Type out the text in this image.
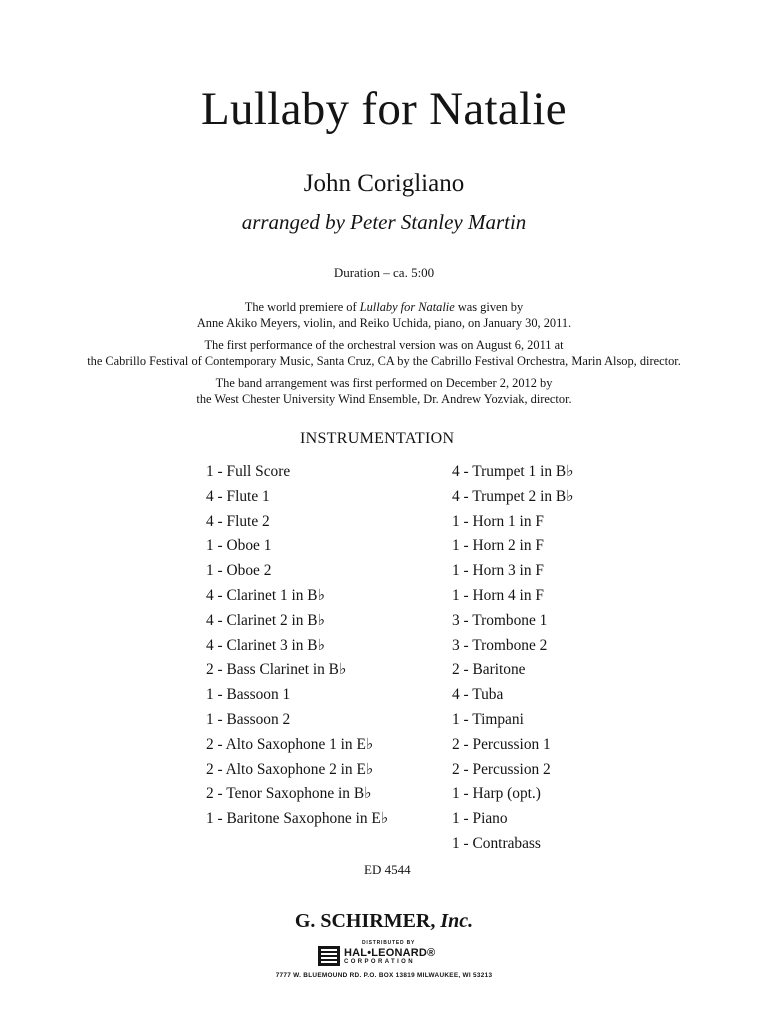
Lullaby for Natalie
John Corigliano
arranged by Peter Stanley Martin
Duration – ca. 5:00

The world premiere of Lullaby for Natalie was given by
Anne Akiko Meyers, violin, and Reiko Uchida, piano, on January 30, 2011.

The first performance of the orchestral version was on August 6, 2011 at
the Cabrillo Festival of Contemporary Music, Santa Cruz, CA by the Cabrillo Festival Orchestra, Marin Alsop, director.

The band arrangement was first performed on December 2, 2012 by
the West Chester University Wind Ensemble, Dr. Andrew Yozviak, director.

INSTRUMENTATION
1 - Full Score
4 - Flute 1
4 - Flute 2
1 - Oboe 1
1 - Oboe 2
4 - Clarinet 1 in B♭
4 - Clarinet 2 in B♭
4 - Clarinet 3 in B♭
2 - Bass Clarinet in B♭
1 - Bassoon 1
1 - Bassoon 2
2 - Alto Saxophone 1 in E♭
2 - Alto Saxophone 2 in E♭
2 - Tenor Saxophone in B♭
1 - Baritone Saxophone in E♭
4 - Trumpet 1 in B♭
4 - Trumpet 2 in B♭
1 - Horn 1 in F
1 - Horn 2 in F
1 - Horn 3 in F
1 - Horn 4 in F
3 - Trombone 1
3 - Trombone 2
2 - Baritone
4 - Tuba
1 - Timpani
2 - Percussion 1
2 - Percussion 2
1 - Harp (opt.)
1 - Piano
1 - Contrabass
ED 4544
G. SCHIRMER, Inc.
DISTRIBUTED BY
HAL•LEONARD®
CORPORATION
7777 W. BLUEMOUND RD. P.O. BOX 13819 MILWAUKEE, WI 53213
